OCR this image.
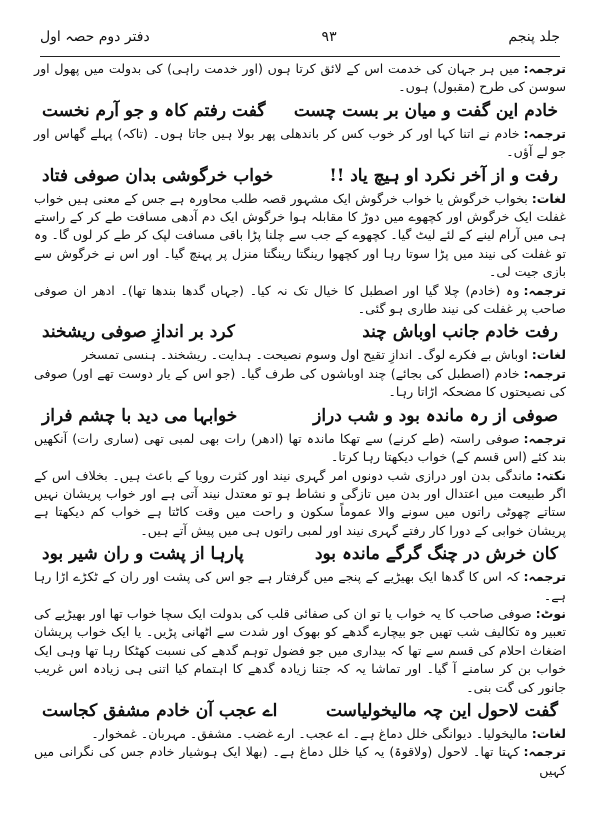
جلد پنجم
٩٣
دفتر دوم حصہ اول

ترجمہ:میں ہر جہان کی خدمت اس کے لائق کرتا ہوں (اور خدمت راہی) کی بدولت میں پھول اور سوسن کی طرح (مقبول) ہوں۔

خادم این گفت و میان بر بست چست
گفت رفتم کاہ و جو آرم نخست

ترجمہ:خادم نے اتنا کہا اور کر خوب کس کر باندھلی پھر بولا ہیں جاتا ہوں۔ (تاکہ) پہلے گھاس اور جو لے آؤں۔

رفت و از آخر نکرد او ہیچ یاد !!
خواب خرگوشی بدان صوفی فتاد

لغات:بخواب خرگوش یا خواب خرگوش ایک مشہور قصہ طلب محاورہ ہے جس کے معنی ہیں خواب غفلت ایک خرگوش اور کچھوے میں دوڑ کا مقابلہ ہوا خرگوش ایک دم آدھی مسافت طے کر کے راستے ہی میں آرام لینے کے لئے لیٹ گیا۔ کچھوے کے جب سے چلنا پڑا باقی مسافت لپک کر طے کر لوں گا۔ وہ تو غفلت کی نیند میں پڑا سوتا رہا اور کچھوا رینگتا رینگتا منزل پر پہنچ گیا۔ اور اس نے خرگوش سے بازی جیت لی۔

ترجمہ:وہ (خادم) چلا گیا اور اصطبل کا خیال تک نہ کیا۔ (جہاں گدھا بندھا تھا)۔ ادھر ان صوفی صاحب پر غفلت کی نیند طاری ہو گئی۔

رفت خادم جانب اوباش چند
کرد بر اندازِ صوفی ریشخند

لغات:اوباش بے فکرے لوگ۔ اندازِ تقیح اول وسوم نصیحت۔ ہدایت۔ ریشخند۔ ہنسی تمسخر

ترجمہ:خادم (اصطبل کی بجائے) چند اوباشوں کی طرف گیا۔ (جو اس کے یار دوست تھے اور) صوفی کی نصیحتوں کا مضحکہ اڑاتا رہا۔

صوفی از رہ ماندہ بود و شب دراز
خوابہا می دید با چشم فراز

ترجمہ:صوفی راستہ (طے کرنے) سے تھکا ماندہ تھا (ادھر) رات بھی لمبی تھی (ساری رات) آنکھیں بند کئے (اس قسم کے) خواب دیکھتا رہا کرتا۔

نکتہ:ماندگی بدن اور درازی شب دونوں امر گہری نیند اور کثرت رویا کے باعث ہیں۔ بخلاف اس کے اگر طبیعت میں اعتدال اور بدن میں تازگی و نشاط ہو تو معتدل نیند آتی ہے اور خواب پریشان نہیں ستاتے چھوٹی راتوں میں سونے والا عموماً سکون و راحت میں وقت کاٹتا ہے خواب کم دیکھتا ہے پریشان خوابی کے دورا کار رفتے گہری نیند اور لمبی راتوں ہی میں پیش آتے ہیں۔

کان خرش در چنگ گرگے ماندہ بود
پارہا از پشت و ران شیر بود

ترجمہ:کہ اس کا گدھا ایک بھیڑیے کے پنجے میں گرفتار ہے جو اس کی پشت اور ران کے ٹکڑے اڑا رہا ہے۔

نوٹ:صوفی صاحب کا یہ خواب یا تو ان کی صفائی قلب کی بدولت ایک سچا خواب تھا اور بھیڑیے کی تعبیر وہ تکالیف شب تھیں جو بیچارے گدھے کو بھوک اور شدت سے اٹھانی پڑیں۔ یا ایک خواب پریشان اضغاث احلام کی قسم سے تھا کہ بیداری میں جو فضول توہم گدھے کی نسبت کھٹکا رہا تھا وہی ایک خواب بن کر سامنے آ گیا۔ اور تماشا یہ کہ جتنا زیادہ گدھے کا اہتمام کیا اتنی ہی زیادہ اس غریب جانور کی گت بنی۔

گفت لاحول این چہ مالیخولیاست
اے عجب آن خادم مشفق کجاست

لغات:مالیخولیا۔ دیوانگی خلل دماغ ہے۔ اے عجب۔ ارے غضب۔ مشفق۔ مہربان۔ غمخوار۔

ترجمہ:کہتا تھا۔ لاحول (ولاقوۃ) یہ کیا خلل دماغ ہے۔ (بھلا ایک ہوشیار خادم جس کی نگرانی میں کہیں
